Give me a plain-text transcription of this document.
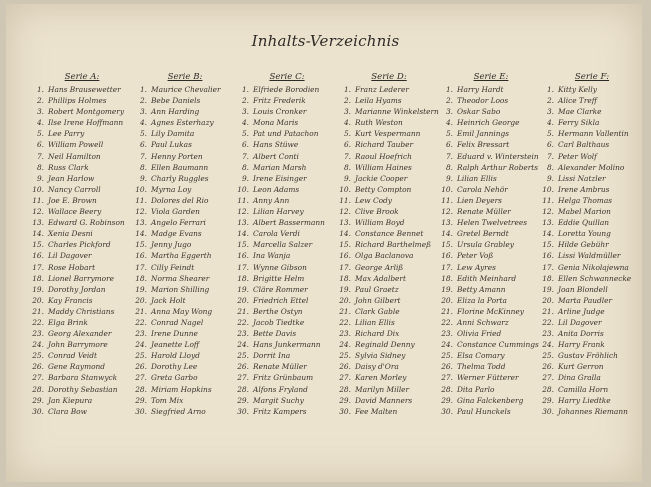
Inhalts-Verzeichnis
Serie A:
1. Hans Brausewetter
2. Phillips Holmes
3. Robert Montgomery
4. Ilse Irene Hoffmann
5. Lee Parry
6. William Powell
7. Neil Hamilton
8. Russ Clark
9. Jean Harlow
10. Nancy Carroll
11. Joe E. Brown
12. Wallace Beery
13. Edward G. Robinson
14. Xenia Desni
15. Charles Pickford
16. Lil Dagover
17. Rose Hobart
18. Lionel Barrymore
19. Dorothy Jordan
20. Kay Francis
21. Maddy Christians
22. Elga Brink
23. Georg Alexander
24. John Barrymore
25. Conrad Veidt
26. Gene Raymond
27. Barbara Stanwyck
28. Dorothy Sebastian
29. Jan Kiepura
30. Clara Bow
Serie B:
1. Maurice Chevalier
2. Bebe Daniels
3. Ann Harding
4. Agnes Esterhazy
5. Lily Damita
6. Paul Lukas
7. Henny Porten
8. Ellen Baumann
9. Charly Ruggles
10. Myrna Loy
11. Dolores del Rio
12. Viola Garden
13. Angelo Ferrari
14. Madge Evans
15. Jenny Jugo
16. Martha Eggerth
17. Cilly Feindt
18. Norma Shearer
19. Marion Shilling
20. Jack Holt
21. Anna May Wong
22. Conrad Nagel
23. Irene Dunne
24. Jeanette Loff
25. Harold Lloyd
26. Dorothy Lee
27. Greta Garbo
28. Miriam Hopkins
29. Tom Mix
30. Siegfried Arno
Serie C:
1. Elfriede Borodien
2. Fritz Frederik
3. Louis Cronker
4. Mona Maris
5. Pat und Patachon
6. Hans Stüwe
7. Albert Conti
8. Marian Marsh
9. Irene Eisinger
10. Leon Adams
11. Anny Ann
12. Lilian Harvey
13. Albert Bassermann
14. Carola Verdi
15. Marcella Salzer
16. Ina Wanja
17. Wynne Gibson
18. Brigitte Helm
19. Cläre Rommer
20. Friedrich Ettel
21. Berthe Ostyn
22. Jacob Tiedtke
23. Bette Davis
24. Hans Junkermann
25. Dorrit Ina
26. Renate Müller
27. Fritz Grünbaum
28. Alfons Fryland
29. Margit Suchy
30. Fritz Kampers
Serie D:
1. Franz Lederer
2. Leila Hyams
3. Marianne Winkelstern
4. Ruth Weston
5. Kurt Vespermann
6. Richard Tauber
7. Raoul Hoefrich
8. William Haines
9. Jackie Cooper
10. Betty Compton
11. Lew Cody
12. Clive Brook
13. William Boyd
14. Constance Bennet
15. Richard Barthelmeß
16. Olga Baclanova
17. George Arliß
18. Max Adalbert
19. Paul Graetz
20. John Gilbert
21. Clark Gable
22. Lilian Ellis
23. Richard Dix
24. Reginald Denny
25. Sylvia Sidney
26. Daisy d'Ora
27. Karen Morley
28. Marilyn Miller
29. David Manners
30. Fee Malten
Serie E:
1. Harry Hardt
2. Theodor Loos
3. Oskar Sabo
4. Heinrich George
5. Emil Jannings
6. Felix Bressart
7. Eduard v. Winterstein
8. Ralph Arthur Roberts
9. Lilian Ellis
10. Carola Nehör
11. Lien Deyers
12. Renate Müller
13. Helen Twelvetrees
14. Gretel Berndt
15. Ursula Grabley
16. Peter Voß
17. Lew Ayres
18. Edith Meinhard
19. Betty Amann
20. Eliza la Porta
21. Florine McKinney
22. Anni Schwarz
23. Olivia Fried
24. Constance Cummings
25. Elsa Comary
26. Thelma Todd
27. Werner Fütterer
28. Dita Parlo
29. Gina Falckenberg
30. Paul Hunckels
Serie F:
1. Kitty Kelly
2. Alice Treff
3. Mae Clarke
4. Ferry Sikla
5. Hermann Vallentin
6. Carl Balthaus
7. Peter Wolf
8. Alexander Molino
9. Lissi Natzler
10. Irene Ambrus
11. Helga Thomas
12. Mabel Marion
13. Eddie Quillan
14. Loretta Young
15. Hilde Gebühr
16. Lissi Waldmüller
17. Genia Nikolajewna
18. Ellen Schwannecke
19. Joan Blondell
20. Marta Paudler
21. Arline Judge
22. Lil Dagover
23. Anita Dorris
24. Harry Frank
25. Gustav Fröhlich
26. Kurt Gerron
27. Dina Gralla
28. Camilla Horn
29. Harry Liedtke
30. Johannes Riemann
